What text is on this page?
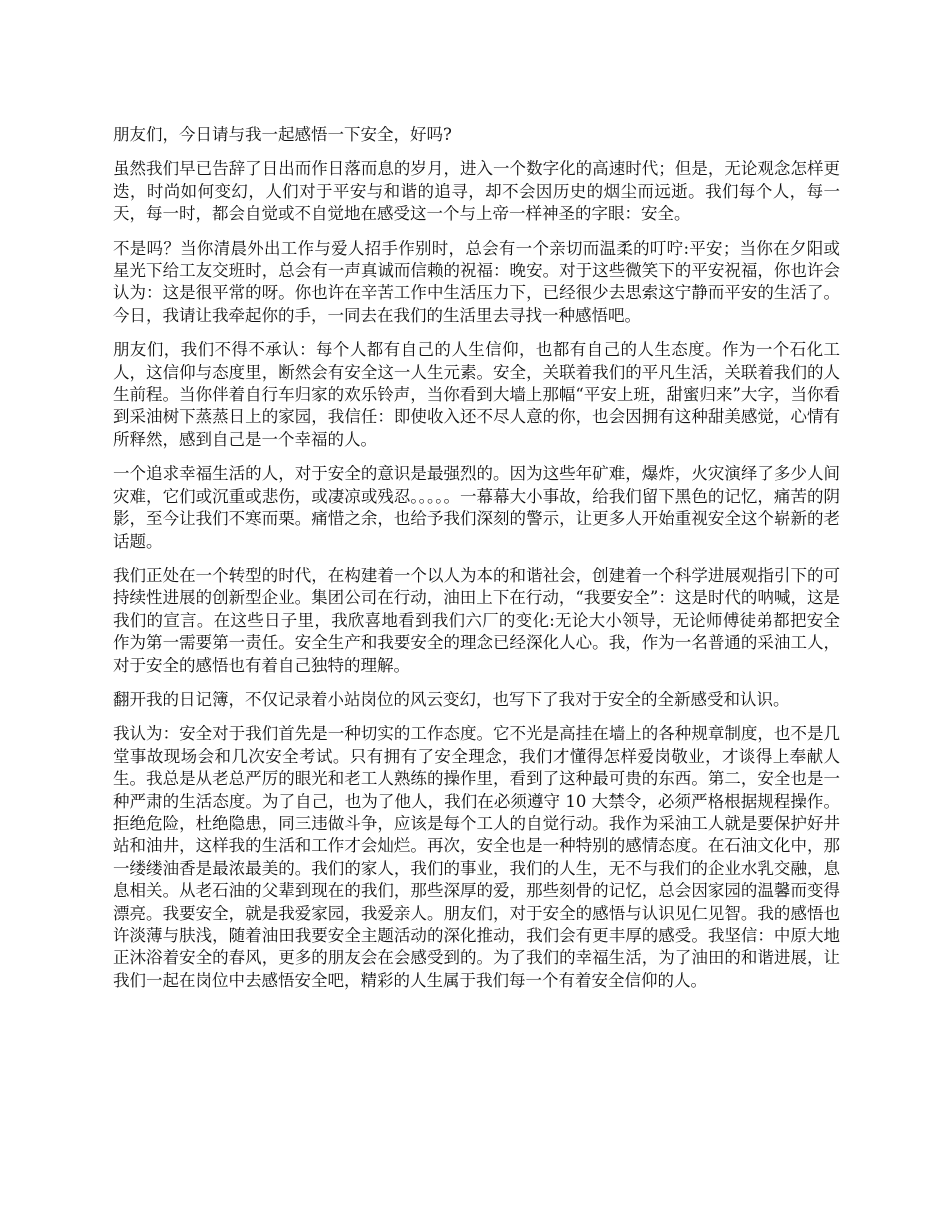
朋友们，今日请与我一起感悟一下安全，好吗?

虽然我们早已告辞了日出而作日落而息的岁月，进入一个数字化的高速时代；但是，无论观念怎样更迭，时尚如何变幻，人们对于平安与和谐的追寻，却不会因历史的烟尘而远逝。我们每个人，每一天，每一时，都会自觉或不自觉地在感受这一个与上帝一样神圣的字眼：安全。

不是吗？当你清晨外出工作与爱人招手作别时，总会有一个亲切而温柔的叮咛:平安；当你在夕阳或星光下给工友交班时，总会有一声真诚而信赖的祝福：晚安。对于这些微笑下的平安祝福，你也许会认为：这是很平常的呀。你也许在辛苦工作中生活压力下，已经很少去思索这宁静而平安的生活了。今日，我请让我牵起你的手，一同去在我们的生活里去寻找一种感悟吧。

朋友们，我们不得不承认：每个人都有自己的人生信仰，也都有自己的人生态度。作为一个石化工人，这信仰与态度里，断然会有安全这一人生元素。安全，关联着我们的平凡生活，关联着我们的人生前程。当你伴着自行车归家的欢乐铃声，当你看到大墙上那幅“平安上班，甜蜜归来”大字，当你看到采油树下蒸蒸日上的家园，我信任：即使收入还不尽人意的你，也会因拥有这种甜美感觉，心情有所释然，感到自己是一个幸福的人。

一个追求幸福生活的人，对于安全的意识是最强烈的。因为这些年矿难，爆炸，火灾演绎了多少人间灾难，它们或沉重或悲伤，或凄凉或残忍。。。。。一幕幕大小事故，给我们留下黑色的记忆，痛苦的阴影，至今让我们不寒而栗。痛惜之余，也给予我们深刻的警示，让更多人开始重视安全这个崭新的老话题。

我们正处在一个转型的时代，在构建着一个以人为本的和谐社会，创建着一个科学进展观指引下的可持续性进展的创新型企业。集团公司在行动，油田上下在行动，“我要安全”：这是时代的呐喊，这是我们的宣言。在这些日子里，我欣喜地看到我们六厂的变化:无论大小领导，无论师傅徒弟都把安全作为第一需要第一责任。安全生产和我要安全的理念已经深化人心。我，作为一名普通的采油工人，对于安全的感悟也有着自己独特的理解。

翻开我的日记簿，不仅记录着小站岗位的风云变幻，也写下了我对于安全的全新感受和认识。

我认为：安全对于我们首先是一种切实的工作态度。它不光是高挂在墙上的各种规章制度，也不是几堂事故现场会和几次安全考试。只有拥有了安全理念，我们才懂得怎样爱岗敬业，才谈得上奉献人生。我总是从老总严厉的眼光和老工人熟练的操作里，看到了这种最可贵的东西。第二，安全也是一种严肃的生活态度。为了自己，也为了他人，我们在必须遵守 10 大禁令，必须严格根据规程操作。拒绝危险，杜绝隐患，同三违做斗争，应该是每个工人的自觉行动。我作为采油工人就是要保护好井站和油井，这样我的生活和工作才会灿烂。再次，安全也是一种特别的感情态度。在石油文化中，那一缕缕油香是最浓最美的。我们的家人，我们的事业，我们的人生，无不与我们的企业水乳交融，息息相关。从老石油的父辈到现在的我们，那些深厚的爱，那些刻骨的记忆，总会因家园的温馨而变得漂亮。我要安全，就是我爱家园，我爱亲人。朋友们，对于安全的感悟与认识见仁见智。我的感悟也许淡薄与肤浅，随着油田我要安全主题活动的深化推动，我们会有更丰厚的感受。我坚信：中原大地正沐浴着安全的春风，更多的朋友会在会感受到的。为了我们的幸福生活，为了油田的和谐进展，让我们一起在岗位中去感悟安全吧，精彩的人生属于我们每一个有着安全信仰的人。
